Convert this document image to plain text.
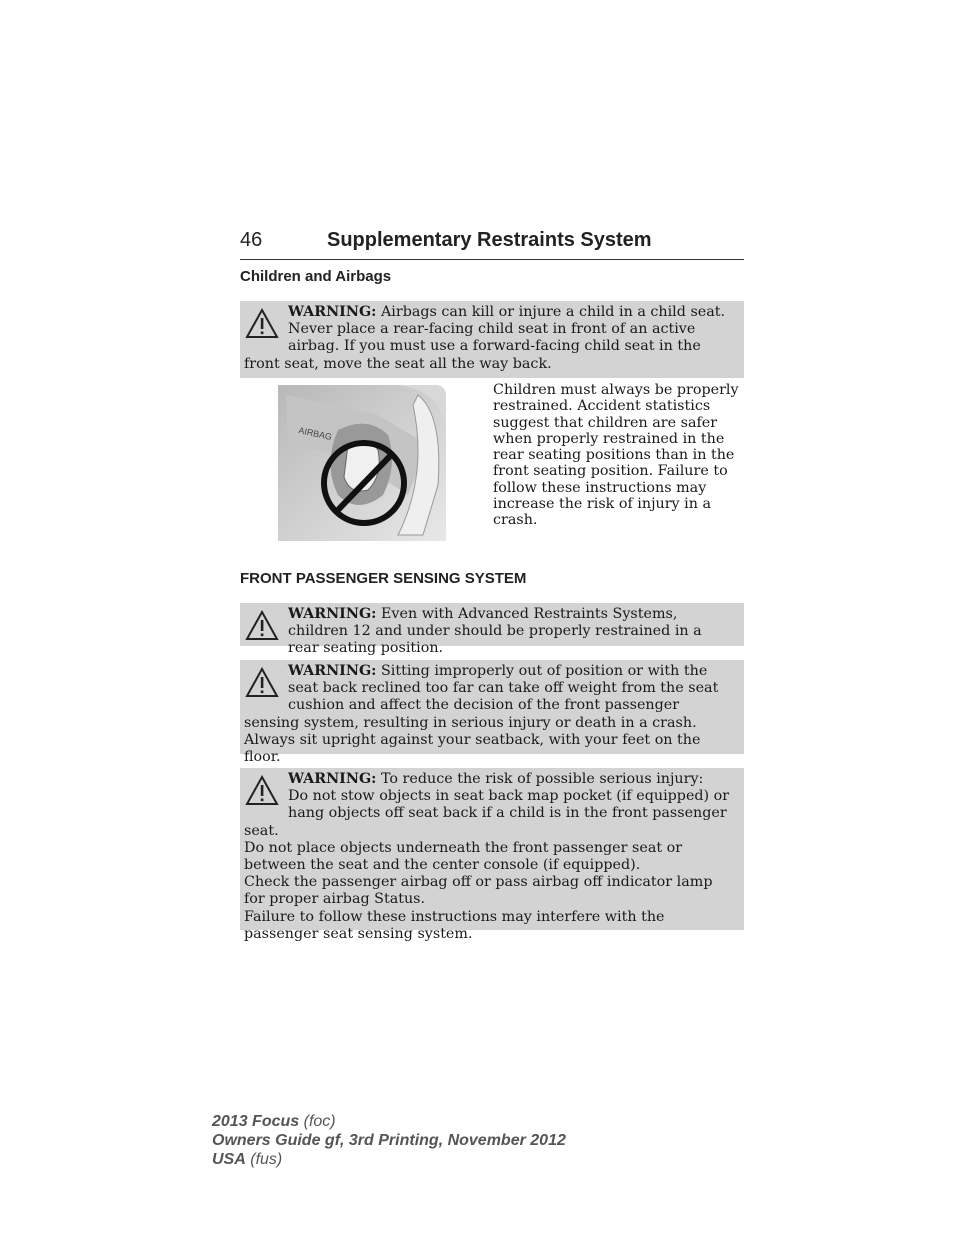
46	Supplementary Restraints System
Children and Airbags
WARNING: Airbags can kill or injure a child in a child seat. Never place a rear-facing child seat in front of an active airbag. If you must use a forward-facing child seat in the front seat, move the seat all the way back.
AIRBAG
Children must always be properly restrained. Accident statistics suggest that children are safer when properly restrained in the rear seating positions than in the front seating position. Failure to follow these instructions may increase the risk of injury in a crash.
FRONT PASSENGER SENSING SYSTEM
WARNING: Even with Advanced Restraints Systems, children 12 and under should be properly restrained in a rear seating position.
WARNING: Sitting improperly out of position or with the seat back reclined too far can take off weight from the seat cushion and affect the decision of the front passenger sensing system, resulting in serious injury or death in a crash.
Always sit upright against your seatback, with your feet on the floor.
WARNING: To reduce the risk of possible serious injury:
Do not stow objects in seat back map pocket (if equipped) or hang objects off seat back if a child is in the front passenger seat.
Do not place objects underneath the front passenger seat or between the seat and the center console (if equipped).
Check the passenger airbag off or pass airbag off indicator lamp for proper airbag Status.
Failure to follow these instructions may interfere with the passenger seat sensing system.
2013 Focus (foc)
Owners Guide gf, 3rd Printing, November 2012
USA (fus)
